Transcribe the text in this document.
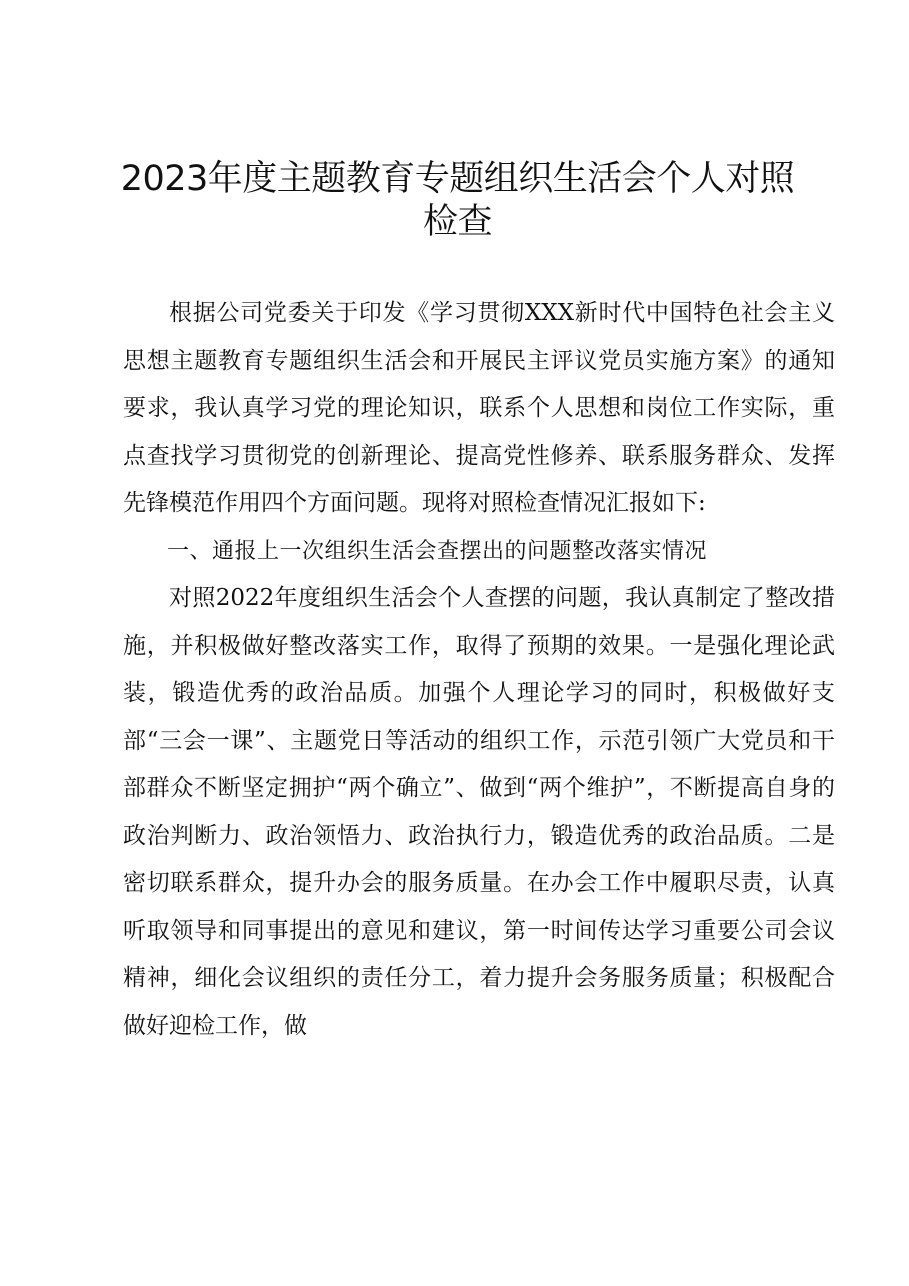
2023年度主题教育专题组织生活会个人对照检查

根据公司党委关于印发《学习贯彻XXX新时代中国特色社会主义思想主题教育专题组织生活会和开展民主评议党员实施方案》的通知要求，我认真学习党的理论知识，联系个人思想和岗位工作实际，重点查找学习贯彻党的创新理论、提高党性修养、联系服务群众、发挥先锋模范作用四个方面问题。现将对照检查情况汇报如下:

一、通报上一次组织生活会查摆出的问题整改落实情况

对照2022年度组织生活会个人查摆的问题，我认真制定了整改措施，并积极做好整改落实工作，取得了预期的效果。一是强化理论武装，锻造优秀的政治品质。加强个人理论学习的同时，积极做好支部“三会一课”、主题党日等活动的组织工作，示范引领广大党员和干部群众不断坚定拥护“两个确立”、做到“两个维护”，不断提高自身的政治判断力、政治领悟力、政治执行力，锻造优秀的政治品质。二是密切联系群众，提升办会的服务质量。在办会工作中履职尽责，认真听取领导和同事提出的意见和建议，第一时间传达学习重要公司会议精神，细化会议组织的责任分工，着力提升会务服务质量；积极配合做好迎检工作，做
